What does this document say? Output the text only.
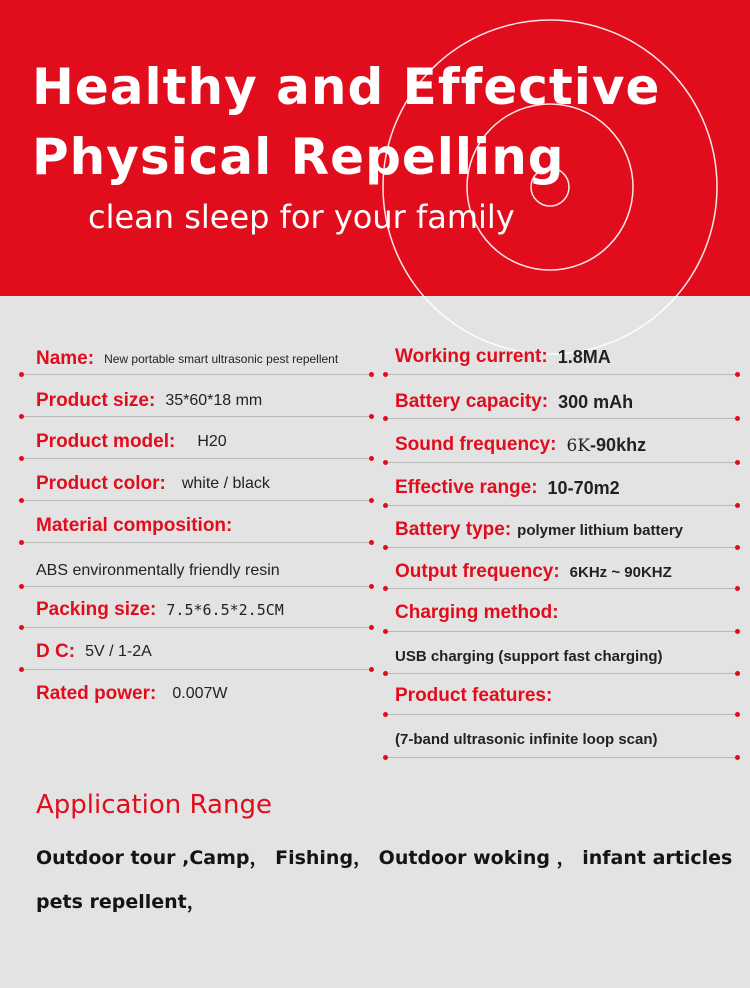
Healthy and Effective
Physical Repelling

clean sleep for your family

Name: New portable smart ultrasonic pest repellent
Product size: 35*60*18 mm
Product model: H20
Product color: white / black
Material composition:
ABS environmentally friendly resin
Packing size: 7.5*6.5*2.5CM
D C: 5V / 1-2A
Rated power: 0.007W
Working current: 1.8MA
Battery capacity: 300 mAh
Sound frequency: 6K -90khz
Effective range: 10-70m2
Battery type: polymer lithium battery
Output frequency: 6KHz ~ 90KHZ
Charging method:
USB charging (support fast charging)
Product features:
(7-band ultrasonic infinite loop scan)
Application Range

Outdoor tour ,Camp， Fishing， Outdoor woking ， infant articles

pets repellent，
